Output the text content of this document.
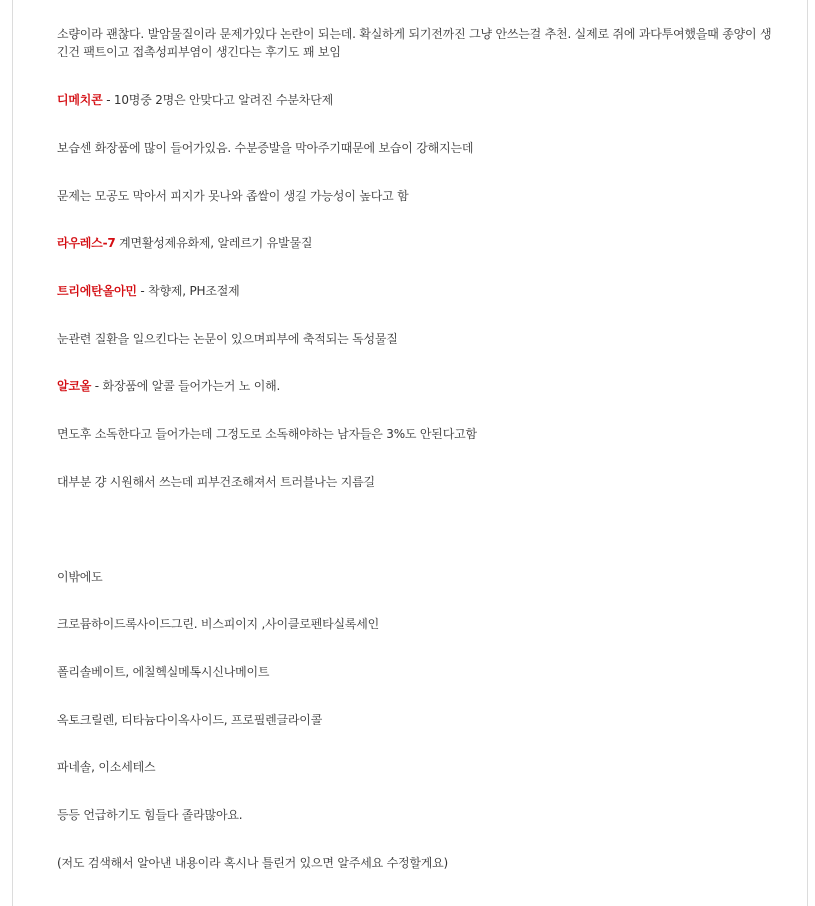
소량이라 괜찮다. 발암물질이라 문제가있다 논란이 되는데. 확실하게 되기전까진 그냥 안쓰는걸 추천. 실제로 쥐에 과다투여했을때 종양이 생긴건 팩트이고 접촉성피부염이 생긴다는 후기도 꽤 보임
디메치콘 - 10명중 2명은 안맞다고 알려진 수분차단제
보습센 화장품에 많이 들어가있음. 수분증발을 막아주기때문에 보습이 강해지는데
문제는 모공도 막아서 피지가 못나와 좁쌀이 생길 가능성이 높다고 함
라우레스-7 계면활성제유화제, 알레르기 유발물질
트리에탄올아민 - 착향제, PH조절제
눈관련 질환을 일으킨다는 논문이 있으며피부에 축적되는 독성물질
알코올 - 화장품에 알콜 들어가는거 노 이해.
면도후 소독한다고 들어가는데 그정도로 소독해야하는 남자들은 3%도 안된다고함
대부분 걍 시원해서 쓰는데 피부건조해져서 트러블나는 지름길
이밖에도
크로뮴하이드록사이드그린. 비스피이지 ,사이클로펜타실록세인
폴리솔베이트, 에칠헥실메톡시신나메이트
옥토크릴렌, 티타늄다이옥사이드, 프로필렌글라이콜
파네솔, 이소세테스
등등 언급하기도 힘들다 졸라많아요.
(저도 검색해서 알아낸 내용이라 혹시나 틀린거 있으면 알주세요 수정할게요)
